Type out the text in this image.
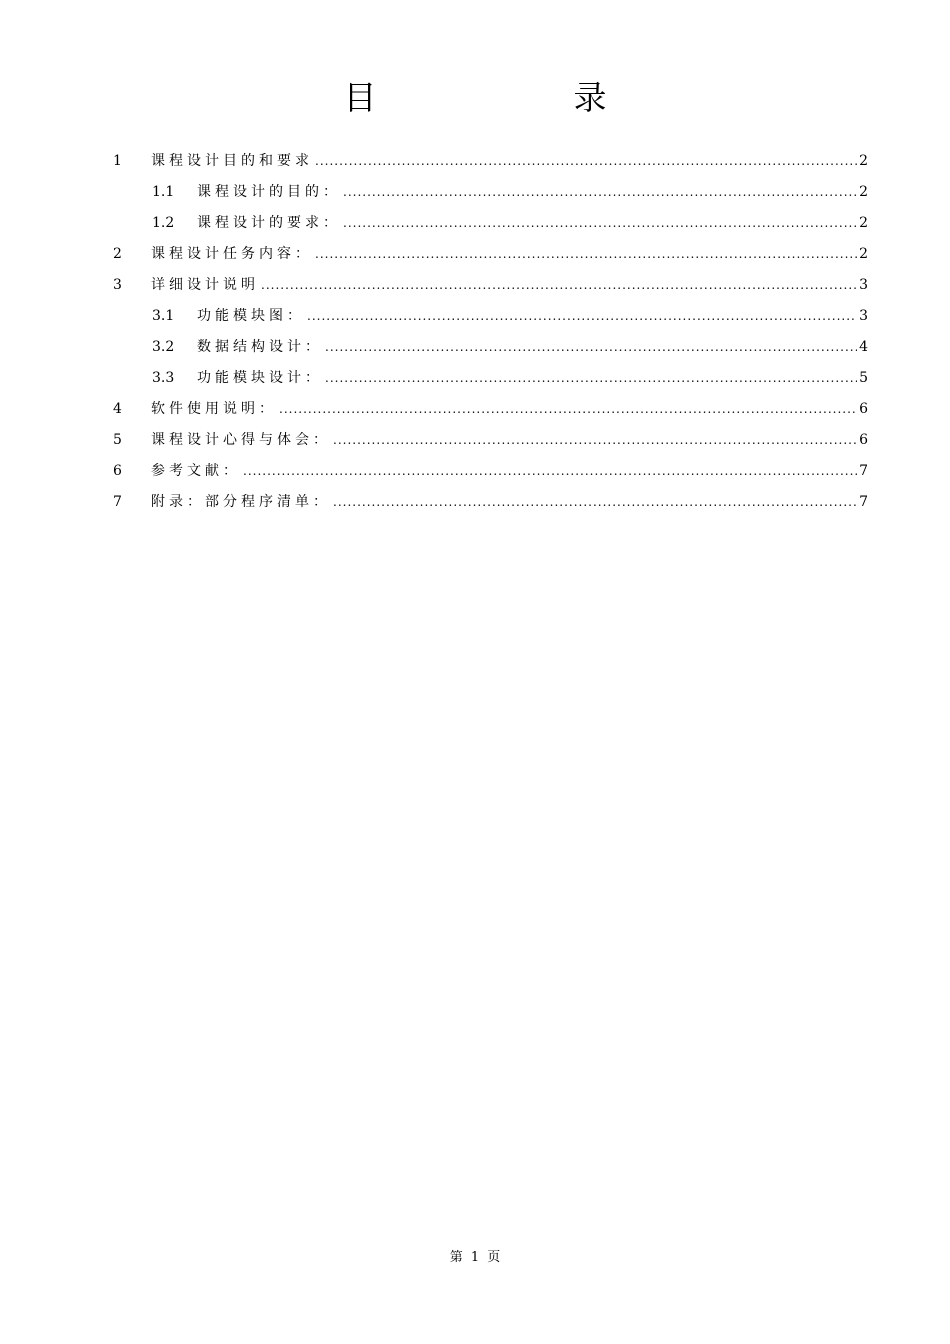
目　录
1	课程设计目的和要求 .....	2
1.1	课程设计的目的： .....	2
1.2	课程设计的要求： .....	2
2	课程设计任务内容： .....	2
3	详细设计说明 .....	3
3.1	功能模块图： .....	3
3.2	数据结构设计： .....	4
3.3	功能模块设计： .....	5
4	软件使用说明： .....	6
5	课程设计心得与体会： .....	6
6	参考文献： .....	7
7	附录：部分程序清单： .....	7
第 1 页
